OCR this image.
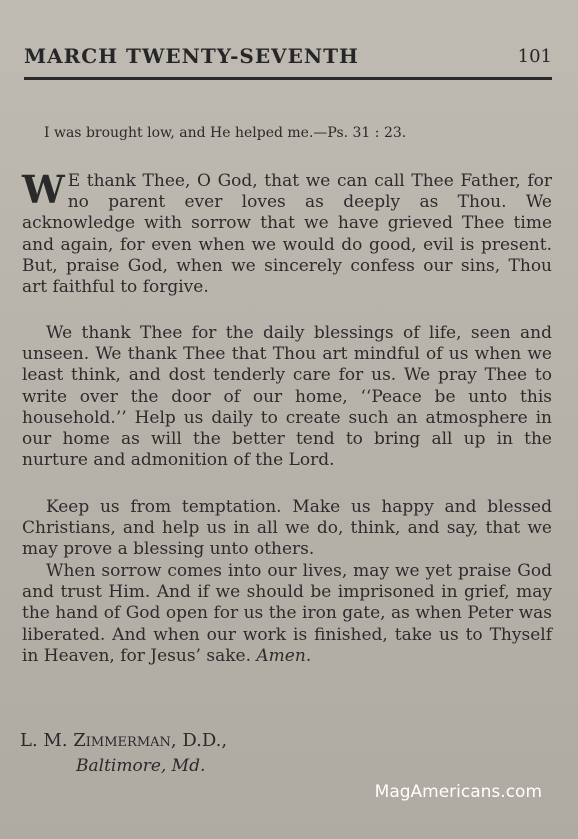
MARCH TWENTY-SEVENTH	101
I was brought low, and He helped me.—Ps. 31 : 23.

W E thank Thee, O God, that we can call Thee Father, for no parent ever loves as deeply as Thou. We acknowledge with sorrow that we have grieved Thee time and again, for even when we would do good, evil is present. But, praise God, when we sincerely confess our sins, Thou art faithful to forgive.

We thank Thee for the daily blessings of life, seen and unseen. We thank Thee that Thou art mindful of us when we least think, and dost tenderly care for us. We pray Thee to write over the door of our home, ‘‘Peace be unto this household.’’ Help us daily to create such an atmosphere in our home as will the better tend to bring all up in the nurture and admonition of the Lord.

Keep us from temptation. Make us happy and blessed Christians, and help us in all we do, think, and say, that we may prove a blessing unto others.

When sorrow comes into our lives, may we yet praise God and trust Him. And if we should be imprisoned in grief, may the hand of God open for us the iron gate, as when Peter was liberated. And when our work is finished, take us to Thyself in Heaven, for Jesus’ sake. Amen.

L. M. Zimmerman, D.D.,
Baltimore, Md.
MagAmericans.com
